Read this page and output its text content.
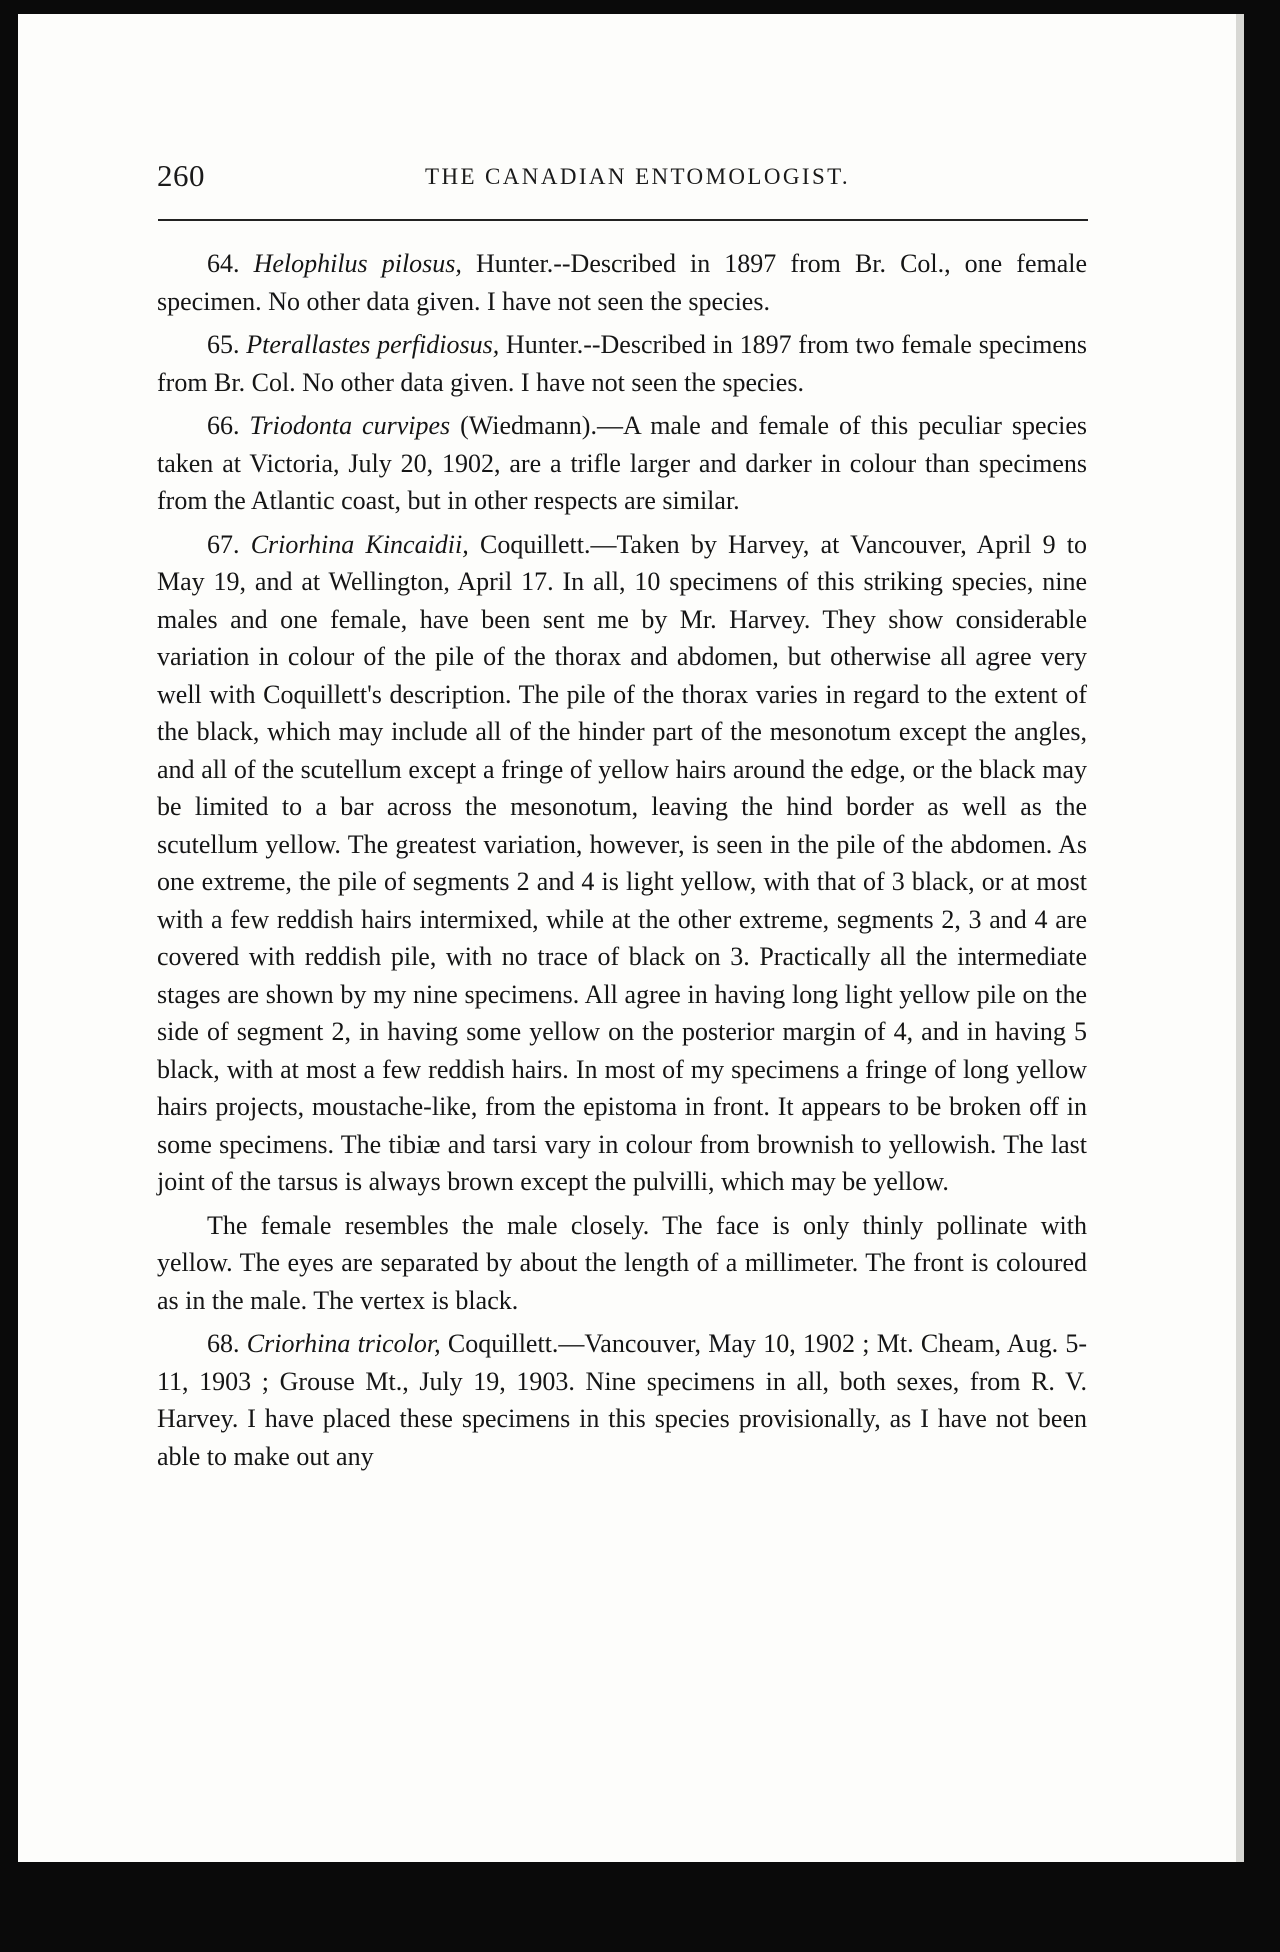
260	THE CANADIAN ENTOMOLOGIST.

64. Helophilus pilosus, Hunter.--Described in 1897 from Br. Col., one female specimen. No other data given. I have not seen the species.

65. Pterallastes perfidiosus, Hunter.--Described in 1897 from two female specimens from Br. Col. No other data given. I have not seen the species.

66. Triodonta curvipes (Wiedmann).—A male and female of this peculiar species taken at Victoria, July 20, 1902, are a trifle larger and darker in colour than specimens from the Atlantic coast, but in other respects are similar.

67. Criorhina Kincaidii, Coquillett.—Taken by Harvey, at Vancouver, April 9 to May 19, and at Wellington, April 17. In all, 10 specimens of this striking species, nine males and one female, have been sent me by Mr. Harvey. They show considerable variation in colour of the pile of the thorax and abdomen, but otherwise all agree very well with Coquillett's description. The pile of the thorax varies in regard to the extent of the black, which may include all of the hinder part of the mesonotum except the angles, and all of the scutellum except a fringe of yellow hairs around the edge, or the black may be limited to a bar across the mesonotum, leaving the hind border as well as the scutellum yellow. The greatest variation, however, is seen in the pile of the abdomen. As one extreme, the pile of segments 2 and 4 is light yellow, with that of 3 black, or at most with a few reddish hairs intermixed, while at the other extreme, segments 2, 3 and 4 are covered with reddish pile, with no trace of black on 3. Practically all the intermediate stages are shown by my nine specimens. All agree in having long light yellow pile on the side of segment 2, in having some yellow on the posterior margin of 4, and in having 5 black, with at most a few reddish hairs. In most of my specimens a fringe of long yellow hairs projects, moustache-like, from the epistoma in front. It appears to be broken off in some specimens. The tibiæ and tarsi vary in colour from brownish to yellowish. The last joint of the tarsus is always brown except the pulvilli, which may be yellow.

The female resembles the male closely. The face is only thinly pollinate with yellow. The eyes are separated by about the length of a millimeter. The front is coloured as in the male. The vertex is black.

68. Criorhina tricolor, Coquillett.—Vancouver, May 10, 1902 ; Mt. Cheam, Aug. 5-11, 1903 ; Grouse Mt., July 19, 1903. Nine specimens in all, both sexes, from R. V. Harvey. I have placed these specimens in this species provisionally, as I have not been able to make out any
